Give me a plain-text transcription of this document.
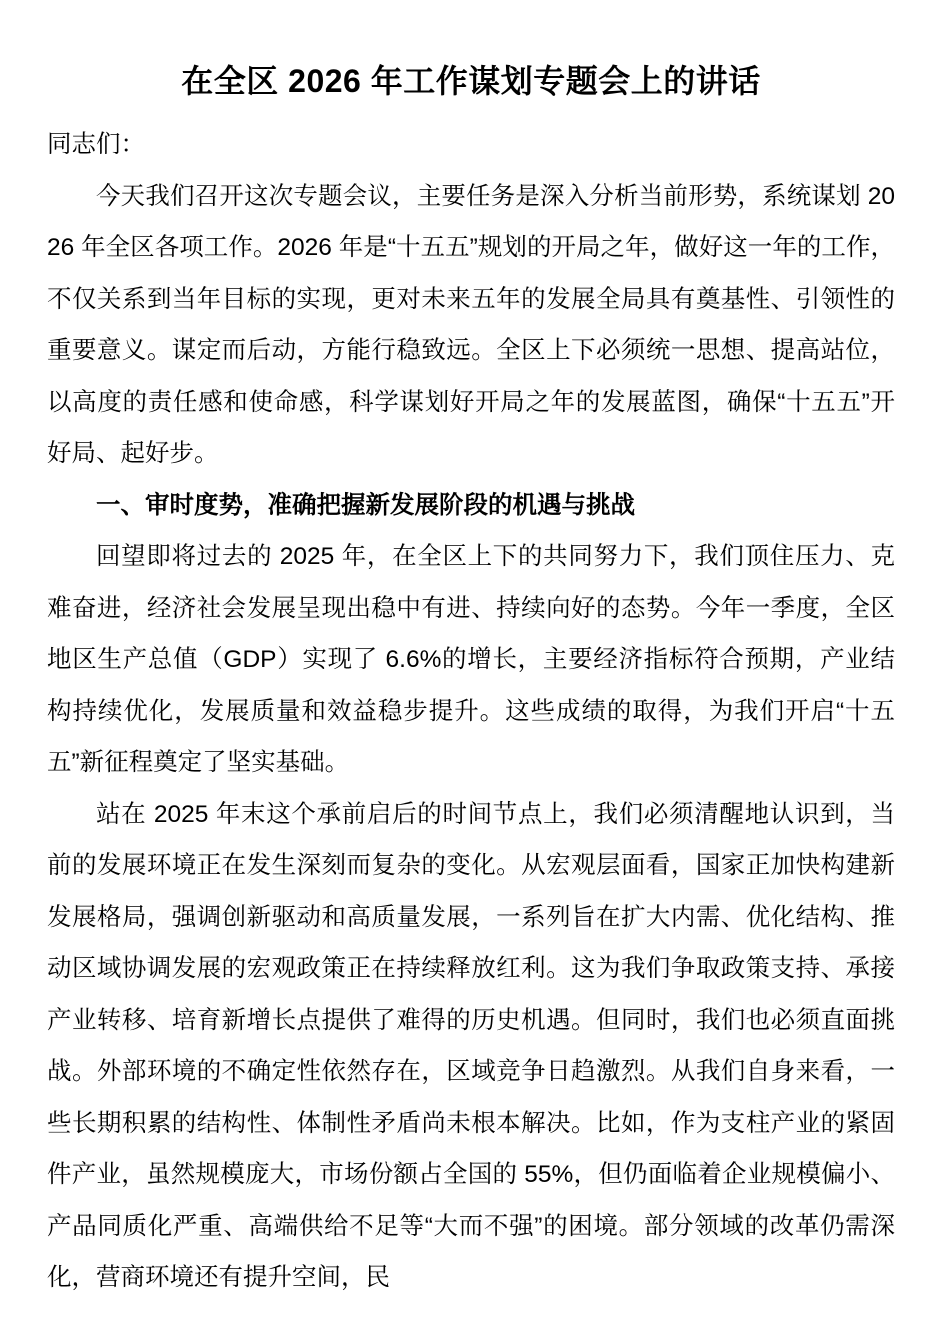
在全区 2026 年工作谋划专题会上的讲话

同志们：

今天我们召开这次专题会议，主要任务是深入分析当前形势，系统谋划 2026 年全区各项工作。2026 年是“十五五”规划的开局之年，做好这一年的工作，不仅关系到当年目标的实现，更对未来五年的发展全局具有奠基性、引领性的重要意义。谋定而后动，方能行稳致远。全区上下必须统一思想、提高站位，以高度的责任感和使命感，科学谋划好开局之年的发展蓝图，确保“十五五”开好局、起好步。

一、审时度势，准确把握新发展阶段的机遇与挑战

回望即将过去的 2025 年，在全区上下的共同努力下，我们顶住压力、克难奋进，经济社会发展呈现出稳中有进、持续向好的态势。今年一季度，全区地区生产总值（GDP）实现了 6.6%的增长，主要经济指标符合预期，产业结构持续优化，发展质量和效益稳步提升。这些成绩的取得，为我们开启“十五五”新征程奠定了坚实基础。

站在 2025 年末这个承前启后的时间节点上，我们必须清醒地认识到，当前的发展环境正在发生深刻而复杂的变化。从宏观层面看，国家正加快构建新发展格局，强调创新驱动和高质量发展，一系列旨在扩大内需、优化结构、推动区域协调发展的宏观政策正在持续释放红利。这为我们争取政策支持、承接产业转移、培育新增长点提供了难得的历史机遇。但同时，我们也必须直面挑战。外部环境的不确定性依然存在，区域竞争日趋激烈。从我们自身来看，一些长期积累的结构性、体制性矛盾尚未根本解决。比如，作为支柱产业的紧固件产业，虽然规模庞大，市场份额占全国的 55%，但仍面临着企业规模偏小、产品同质化严重、高端供给不足等“大而不强”的困境。部分领域的改革仍需深化，营商环境还有提升空间，民
